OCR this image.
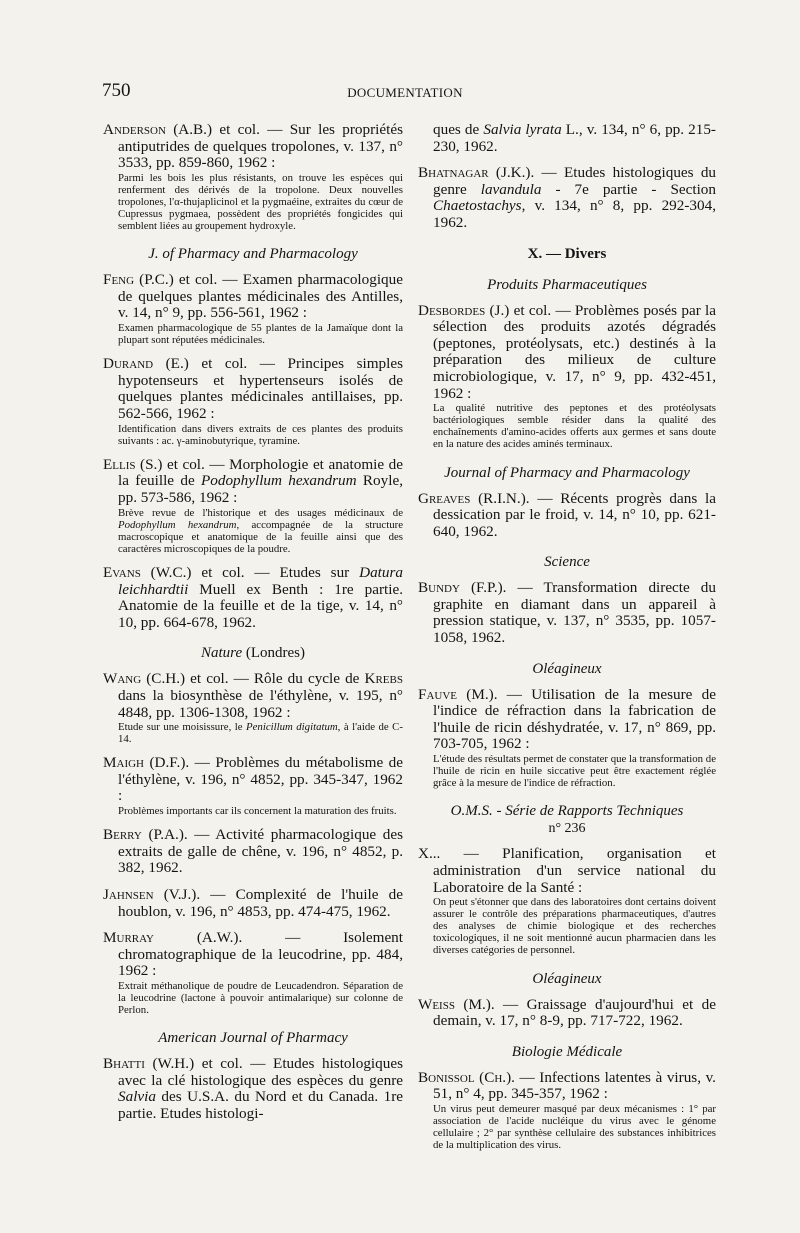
750	DOCUMENTATION
Anderson (A.B.) et col. — Sur les propriétés antiputrides de quelques tropolones, v. 137, n° 3533, pp. 859-860, 1962 :
Parmi les bois les plus résistants, on trouve les espèces qui renferment des dérivés de la tropolone. Deux nouvelles tropolones, l'α-thujaplicinol et la pygmaéine, extraites du cœur de Cupressus pygmaea, possèdent des propriétés fongicides qui semblent liées au groupement hydroxyle.
J. of Pharmacy and Pharmacology
Feng (P.C.) et col. — Examen pharmacologique de quelques plantes médicinales des Antilles, v. 14, n° 9, pp. 556-561, 1962 :
Examen pharmacologique de 55 plantes de la Jamaïque dont la plupart sont réputées médicinales.
Durand (E.) et col. — Principes simples hypotenseurs et hypertenseurs isolés de quelques plantes médicinales antillaises, pp. 562-566, 1962 :
Identification dans divers extraits de ces plantes des produits suivants : ac. γ-aminobutyrique, tyramine.
Ellis (S.) et col. — Morphologie et anatomie de la feuille de Podophyllum hexandrum Royle, pp. 573-586, 1962 :
Brève revue de l'historique et des usages médicinaux de Podophyllum hexandrum, accompagnée de la structure macroscopique et anatomique de la feuille ainsi que des caractères microscopiques de la poudre.
Evans (W.C.) et col. — Etudes sur Datura leichhardtii Muell ex Benth : 1re partie. Anatomie de la feuille et de la tige, v. 14, n° 10, pp. 664-678, 1962.
Nature (Londres)
Wang (C.H.) et col. — Rôle du cycle de Krebs dans la biosynthèse de l'éthylène, v. 195, n° 4848, pp. 1306-1308, 1962 :
Etude sur une moisissure, le Penicillum digitatum, à l'aide de C-14.
Maigh (D.F.). — Problèmes du métabolisme de l'éthylène, v. 196, n° 4852, pp. 345-347, 1962 :
Problèmes importants car ils concernent la maturation des fruits.
Berry (P.A.). — Activité pharmacologique des extraits de galle de chêne, v. 196, n° 4852, p. 382, 1962.
Jahnsen (V.J.). — Complexité de l'huile de houblon, v. 196, n° 4853, pp. 474-475, 1962.
Murray (A.W.). — Isolement chromatographique de la leucodrine, pp. 484, 1962 :
Extrait méthanolique de poudre de Leucadendron. Séparation de la leucodrine (lactone à pouvoir antimalarique) sur colonne de Perlon.
American Journal of Pharmacy
Bhatti (W.H.) et col. — Etudes histologiques avec la clé histologique des espèces du genre Salvia des U.S.A. du Nord et du Canada. 1re partie. Etudes histologi-
ques de Salvia lyrata L., v. 134, n° 6, pp. 215-230, 1962.
Bhatnagar (J.K.). — Etudes histologiques du genre lavandula - 7e partie - Section Chaetostachys, v. 134, n° 8, pp. 292-304, 1962.
X. — Divers
Produits Pharmaceutiques
Desbordes (J.) et col. — Problèmes posés par la sélection des produits azotés dégradés (peptones, protéolysats, etc.) destinés à la préparation des milieux de culture microbiologique, v. 17, n° 9, pp. 432-451, 1962 :
La qualité nutritive des peptones et des protéolysats bactériologiques semble résider dans la qualité des enchaînements d'amino-acides offerts aux germes et sans doute en la nature des acides aminés terminaux.
Journal of Pharmacy and Pharmacology
Greaves (R.I.N.). — Récents progrès dans la dessication par le froid, v. 14, n° 10, pp. 621-640, 1962.
Science
Bundy (F.P.). — Transformation directe du graphite en diamant dans un appareil à pression statique, v. 137, n° 3535, pp. 1057-1058, 1962.
Oléagineux
Fauve (M.). — Utilisation de la mesure de l'indice de réfraction dans la fabrication de l'huile de ricin déshydratée, v. 17, n° 869, pp. 703-705, 1962 :
L'étude des résultats permet de constater que la transformation de l'huile de ricin en huile siccative peut être exactement réglée grâce à la mesure de l'indice de réfraction.
O.M.S. - Série de Rapports Techniques
n° 236
X... — Planification, organisation et administration d'un service national du Laboratoire de la Santé :
On peut s'étonner que dans des laboratoires dont certains doivent assurer le contrôle des préparations pharmaceutiques, d'autres des analyses de chimie biologique et des recherches toxicologiques, il ne soit mentionné aucun pharmacien dans les diverses catégories de personnel.
Oléagineux
Weiss (M.). — Graissage d'aujourd'hui et de demain, v. 17, n° 8-9, pp. 717-722, 1962.
Biologie Médicale
Bonissol (Ch.). — Infections latentes à virus, v. 51, n° 4, pp. 345-357, 1962 :
Un virus peut demeurer masqué par deux mécanismes : 1° par association de l'acide nucléique du virus avec le génome cellulaire ; 2° par synthèse cellulaire des substances inhibitrices de la multiplication des virus.
